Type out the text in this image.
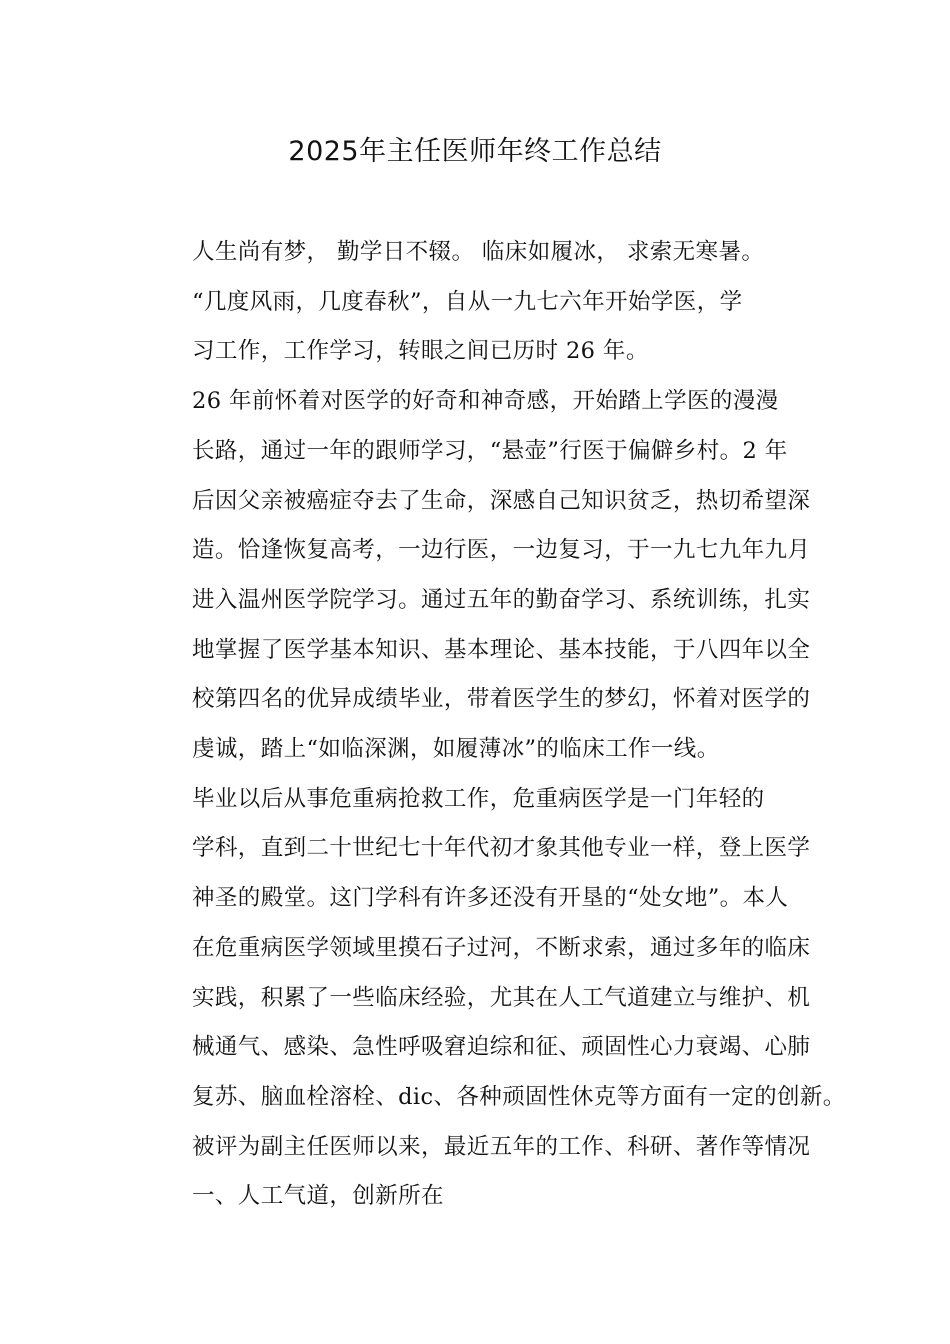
2025年主任医师年终工作总结

人生尚有梦， 勤学日不辍。 临床如履冰， 求索无寒暑。

“几度风雨，几度春秋”，自从一九七六年开始学医，学
习工作，工作学习，转眼之间已历时 26 年。

26 年前怀着对医学的好奇和神奇感，开始踏上学医的漫漫
长路，通过一年的跟师学习，“悬壶”行医于偏僻乡村。2 年
后因父亲被癌症夺去了生命，深感自己知识贫乏，热切希望深
造。恰逢恢复高考，一边行医，一边复习，于一九七九年九月
进入温州医学院学习。通过五年的勤奋学习、系统训练，扎实
地掌握了医学基本知识、基本理论、基本技能，于八四年以全
校第四名的优异成绩毕业，带着医学生的梦幻，怀着对医学的
虔诚，踏上“如临深渊，如履薄冰”的临床工作一线。

毕业以后从事危重病抢救工作，危重病医学是一门年轻的
学科，直到二十世纪七十年代初才象其他专业一样，登上医学
神圣的殿堂。这门学科有许多还没有开垦的“处女地”。本人
在危重病医学领域里摸石子过河，不断求索，通过多年的临床
实践，积累了一些临床经验，尤其在人工气道建立与维护、机
械通气、感染、急性呼吸窘迫综和征、顽固性心力衰竭、心肺
复苏、脑血栓溶栓、dic、各种顽固性休克等方面有一定的创新。
被评为副主任医师以来，最近五年的工作、科研、著作等情况

一、人工气道，创新所在
